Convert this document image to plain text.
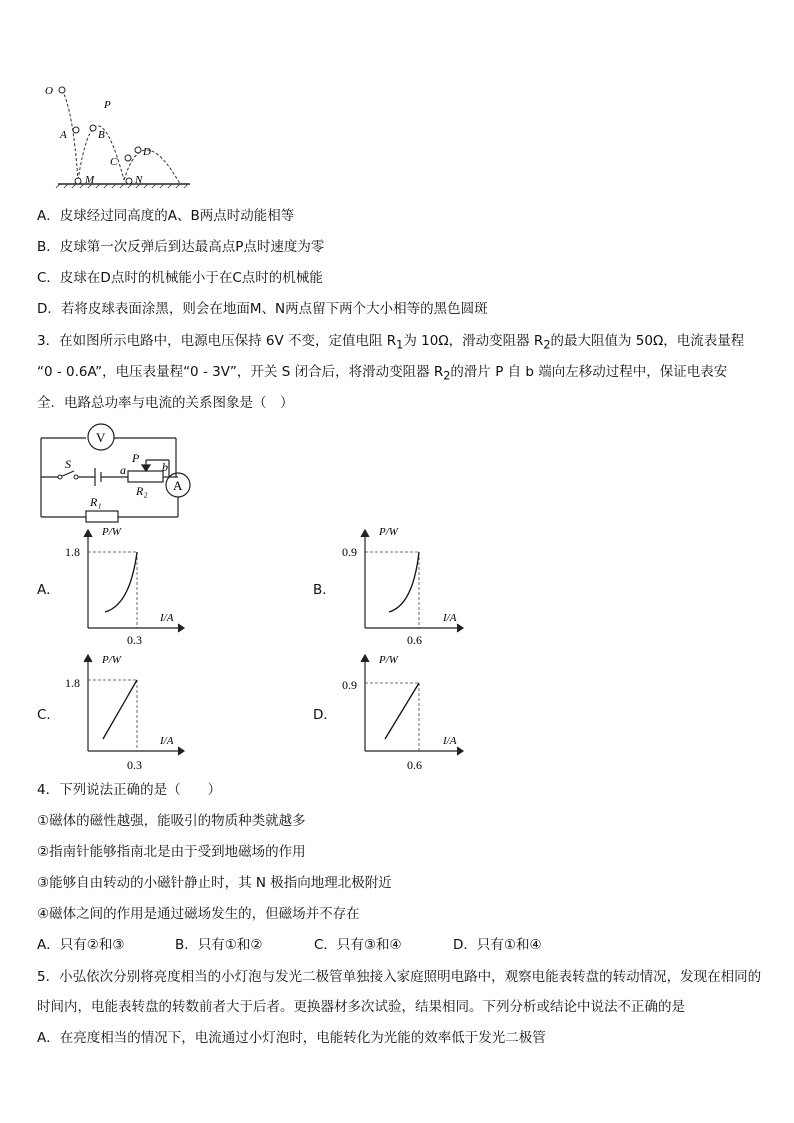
O
P
A	B
C
D
M	N
A．皮球经过同高度的A、B两点时动能相等
B．皮球第一次反弹后到达最高点P点时速度为零
C．皮球在D点时的机械能小于在C点时的机械能
D．若将皮球表面涂黑，则会在地面M、N两点留下两个大小相等的黑色圆斑
3．在如图所示电路中，电源电压保持 6V 不变，定值电阻 $R_1$为 10Ω，滑动变阻器 $R_2$的最大阻值为 50Ω，电流表量程
“0 - 0.6A”，电压表量程“0 - 3V”，开关 S 闭合后，将滑动变阻器 $R_2$的滑片 P 自 b 端向左移动过程中，保证电表安
全．电路总功率与电流的关系图象是（　）
V
A
S	P
a	b
R₂
R₁
A．	B．
C．	D．
P/W
1.8
I/A
0.3
P/W
0.9
I/A
0.6
P/W
1.8
I/A
0.3
P/W
0.9
I/A
0.6
4．下列说法正确的是（　　）
①磁体的磁性越强，能吸引的物质种类就越多
②指南针能够指南北是由于受到地磁场的作用
③能够自由转动的小磁针静止时，其 N 极指向地理北极附近
④磁体之间的作用是通过磁场发生的，但磁场并不存在
A．只有②和③	B．只有①和②	C．只有③和④	D．只有①和④
5．小弘依次分别将亮度相当的小灯泡与发光二极管单独接入家庭照明电路中，观察电能表转盘的转动情况，发现在相同的时间内，电能表转盘的转数前者大于后者。更换器材多次试验，结果相同。下列分析或结论中说法不正确的是
A．在亮度相当的情况下，电流通过小灯泡时，电能转化为光能的效率低于发光二极管
